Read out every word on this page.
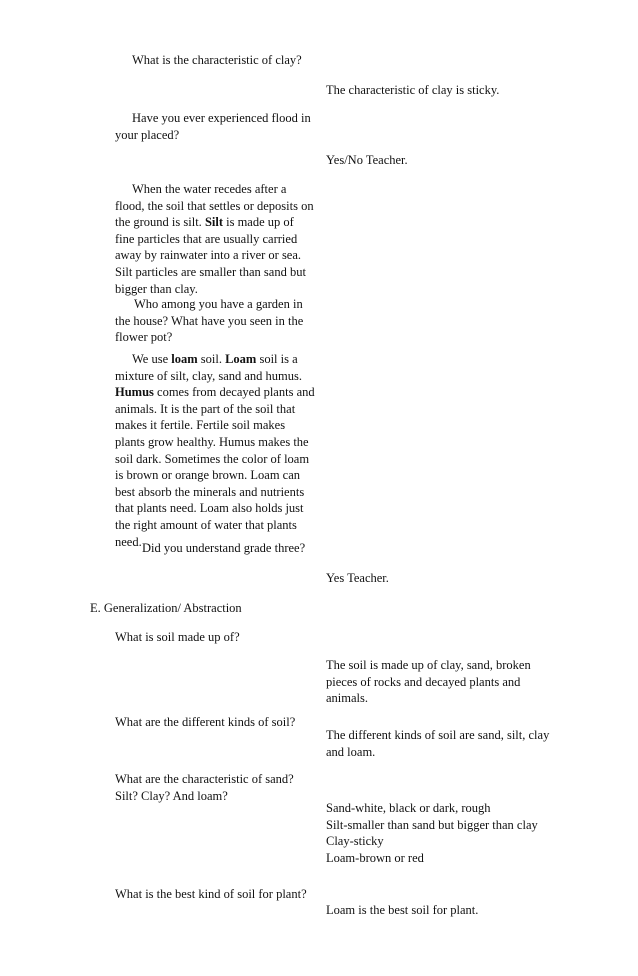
What is the characteristic of clay?
The characteristic of clay is sticky.
Have you ever experienced flood in
your placed?
Yes/No Teacher.
When the water recedes after a
flood, the soil that settles or deposits on
the ground is silt. Silt is made up of
fine particles that are usually carried
away by rainwater into a river or sea.
Silt particles are smaller than sand but
bigger than clay.
Who among you have a garden in
the house? What have you seen in the
flower pot?
We use loam soil. Loam soil is a
mixture of silt, clay, sand and humus.
Humus comes from decayed plants and
animals. It is the part of the soil that
makes it fertile. Fertile soil makes
plants grow healthy. Humus makes the
soil dark. Sometimes the color of loam
is brown or orange brown. Loam can
best absorb the minerals and nutrients
that plants need. Loam also holds just
the right amount of water that plants
need. Did you understand grade three?
Yes Teacher.
E. Generalization/ Abstraction
What is soil made up of?
The soil is made up of clay, sand, broken
pieces of rocks and decayed plants and
animals.
What are the different kinds of soil?
The different kinds of soil are sand, silt, clay
and loam.
What are the characteristic of sand?
Silt? Clay? And loam?
Sand-white, black or dark, rough
Silt-smaller than sand but bigger than clay
Clay-sticky
Loam-brown or red
What is the best kind of soil for plant?
Loam is the best soil for plant.
